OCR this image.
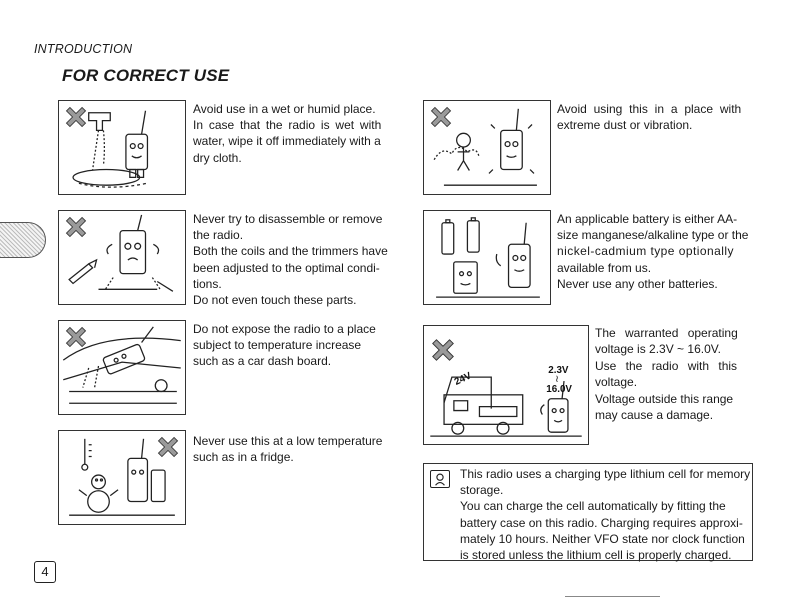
INTRODUCTION
FOR CORRECT USE
Avoid use in a wet or humid place.
In case that the radio is wet with
water, wipe it off immediately with a
dry cloth.
Avoid using this in a place with
extreme dust or vibration.
Never try to disassemble or remove
the radio.
Both the coils and the trimmers have
been adjusted to the optimal condi-
tions.
Do not even touch these parts.
An applicable battery is either AA-
size manganese/alkaline type or the
nickel-cadmium type optionally
available from us.
Never use any other batteries.
Do not expose the radio to a place
subject to temperature increase
such as a car dash board.
2.3V
≀
16.0V
24V
The warranted operating
voltage is 2.3V ~ 16.0V.
Use the radio with this
voltage.
Voltage outside this range
may cause a damage.
Never use this at a low temperature
such as in a fridge.
This radio uses a charging type lithium cell for memory
storage.
You can charge the cell automatically by fitting the
battery case on this radio. Charging requires approxi-
mately 10 hours. Neither VFO state nor clock function
is stored unless the lithium cell is properly charged.
4
